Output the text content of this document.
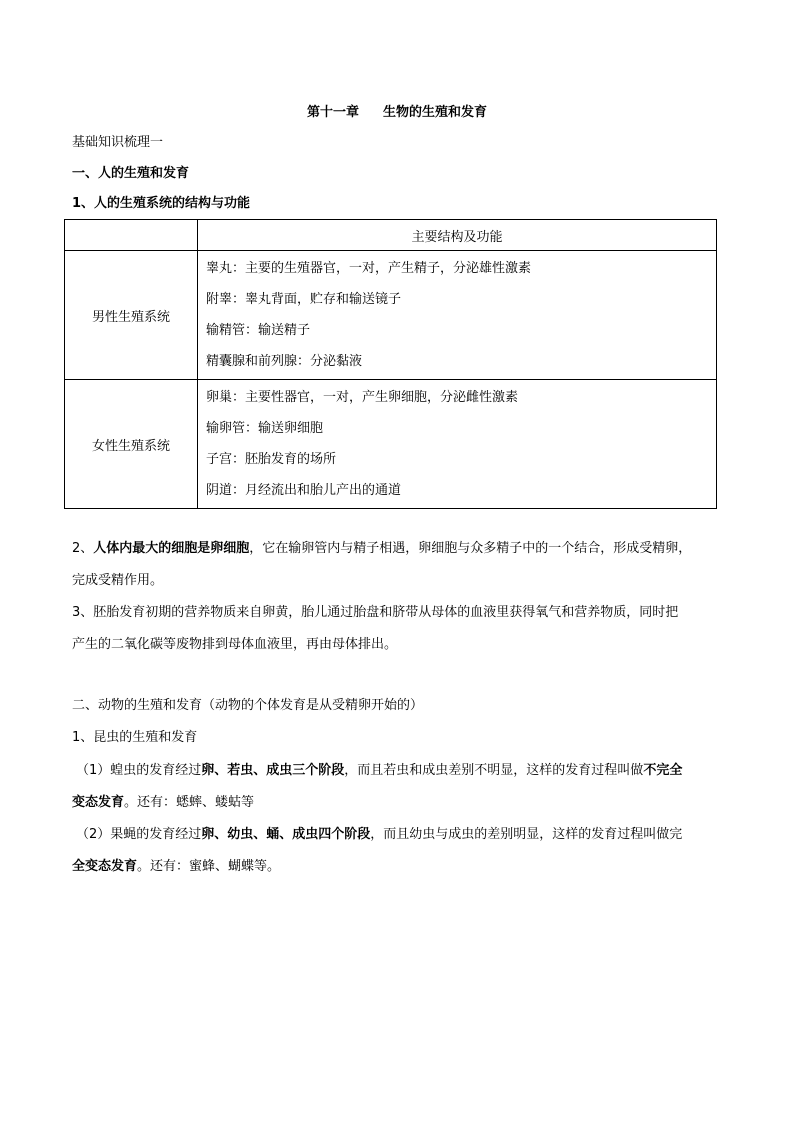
第十一章 生物的生殖和发育
基础知识梳理一
一、人的生殖和发育
1、人的生殖系统的结构与功能
	主要结构及功能
男性生殖系统	睾丸：主要的生殖器官，一对，产生精子，分泌雄性激素
附睾：睾丸背面，贮存和输送镜子
输精管：输送精子
精囊腺和前列腺：分泌黏液

女性生殖系统	卵巢：主要性器官，一对，产生卵细胞，分泌雌性激素
输卵管：输送卵细胞
子宫：胚胎发育的场所
阴道：月经流出和胎儿产出的通道
2、人体内最大的细胞是卵细胞，它在输卵管内与精子相遇，卵细胞与众多精子中的一个结合，形成受精卵，
完成受精作用。
3、胚胎发育初期的营养物质来自卵黄，胎儿通过胎盘和脐带从母体的血液里获得氧气和营养物质，同时把
产生的二氧化碳等废物排到母体血液里，再由母体排出。
二、动物的生殖和发育（动物的个体发育是从受精卵开始的）
1、昆虫的生殖和发育
（1）蝗虫的发育经过卵、若虫、成虫三个阶段，而且若虫和成虫差别不明显，这样的发育过程叫做不完全
变态发育。还有：蟋蟀、蝼蛄等
（2）果蝇的发育经过卵、幼虫、蛹、成虫四个阶段，而且幼虫与成虫的差别明显，这样的发育过程叫做完
全变态发育。还有：蜜蜂、蝴蝶等。
